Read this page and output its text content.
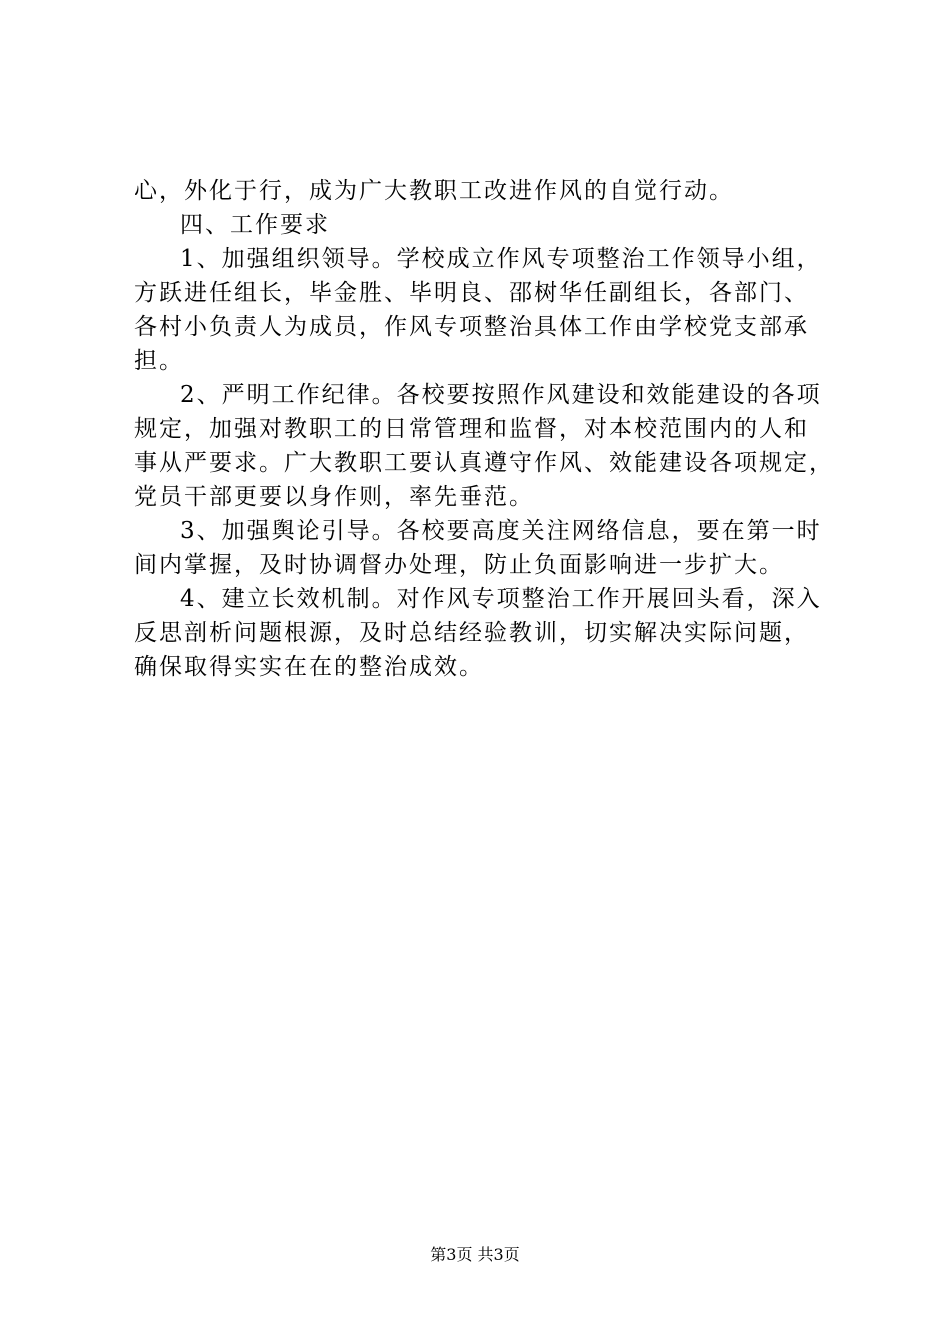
心，外化于行，成为广大教职工改进作风的自觉行动。
四、工作要求
1、加强组织领导。学校成立作风专项整治工作领导小组，
方跃进任组长，毕金胜、毕明良、邵树华任副组长，各部门、
各村小负责人为成员，作风专项整治具体工作由学校党支部承
担。
2、严明工作纪律。各校要按照作风建设和效能建设的各项
规定，加强对教职工的日常管理和监督，对本校范围内的人和
事从严要求。广大教职工要认真遵守作风、效能建设各项规定，
党员干部更要以身作则，率先垂范。
3、加强舆论引导。各校要高度关注网络信息，要在第一时
间内掌握，及时协调督办处理，防止负面影响进一步扩大。
4、建立长效机制。对作风专项整治工作开展回头看，深入
反思剖析问题根源，及时总结经验教训，切实解决实际问题，
确保取得实实在在的整治成效。
第3页 共3页
